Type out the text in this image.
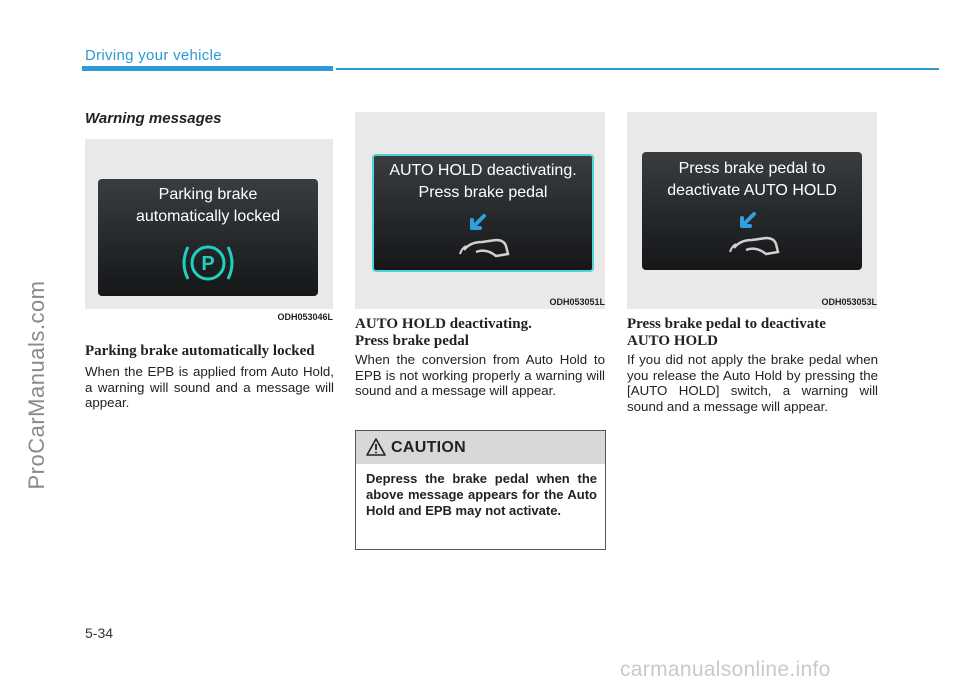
Driving your vehicle
ProCarManuals.com
Warning messages
Parking brake
automatically locked
P
ODH053046L
Parking brake automatically locked
When the EPB is applied from Auto Hold, a warning will sound and a message will appear.
AUTO HOLD deactivating.
Press brake pedal
ODH053051L
AUTO HOLD deactivating.
Press brake pedal
When the conversion from Auto Hold to EPB is not working properly a warning will sound and a message will appear.
CAUTION
Depress the brake pedal when the above message appears for the Auto Hold and EPB may not activate.
Press brake pedal to
deactivate AUTO HOLD
ODH053053L
Press brake pedal to deactivate
AUTO HOLD
If you did not apply the brake pedal when you release the Auto Hold by pressing the [AUTO HOLD] switch, a warning will sound and a message will appear.
5-34
carmanualsonline.info
